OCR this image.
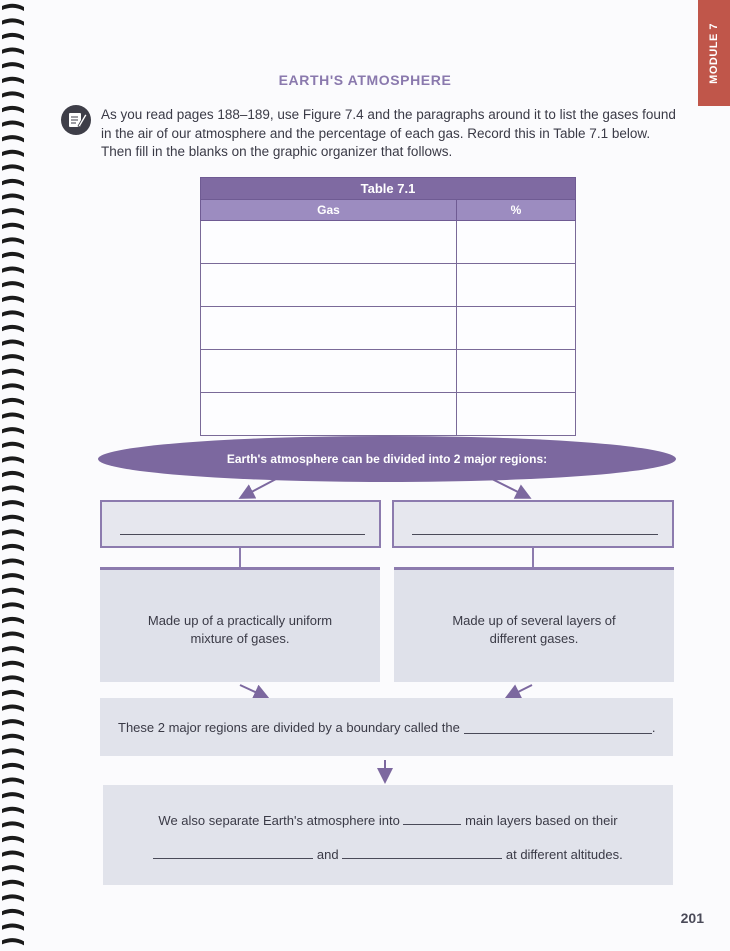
MODULE 7
EARTH'S ATMOSPHERE

As you read pages 188–189, use Figure 7.4 and the paragraphs around it to list the gases found in the air of our atmosphere and the percentage of each gas. Record this in Table 7.1 below. Then fill in the blanks on the graphic organizer that follows.

Table 7.1	
Gas	%

Earth's atmosphere can be divided into 2 major regions:
Made up of a practically uniform mixture of gases.
Made up of several layers of different gases.
These 2 major regions are divided by a boundary called the	.
We also separate Earth's atmosphere into	main layers based on their
and	at different altitudes.
201
